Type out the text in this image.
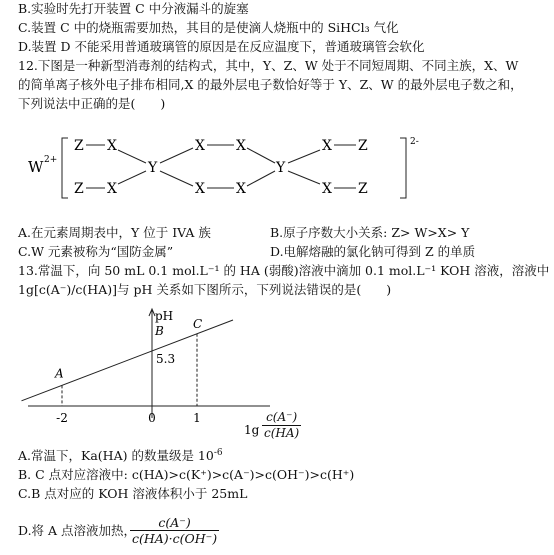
B.实验时先打开装置 C 中分液漏斗的旋塞
C.装置 C 中的烧瓶需要加热，其目的是使滴人烧瓶中的 SiHCl₃ 气化
D.装置 D 不能采用普通玻璃管的原因是在反应温度下，普通玻璃管会软化
12.下图是一种新型消毒剂的结构式，其中，Y、Z、W 处于不同短周期、不同主族，X、W
的简单离子核外电子排布相同,X 的最外层电子数恰好等于 Y、Z、W 的最外层电子数之和，
下列说法中正确的是(　　)
W 2+
2-
Z X
Z X
Y
X X
X X
Y
X Z
X Z
A.在元素周期表中，Y 位于 IVA 族	B.原子序数大小关系: Z> W>X> Y
C.W 元素被称为“国防金属”	D.电解熔融的氯化钠可得到 Z 的单质
13.常温下，向 50 mL 0.1 mol.L⁻¹ 的 HA (弱酸)溶液中滴加 0.1 mol.L⁻¹ KOH 溶液，溶液中
1g[c(A⁻)/c(HA)]与 pH 关系如下图所示，下列说法错误的是(　　)
pH
A
B
C
5.3
-2	0	1
$1g \frac{c(A^-)}{c(HA)}$
A.常温下，Ka(HA) 的数量级是 $10^{-6}$
B. C 点对应溶液中: c(HA)>c(K⁺)>c(A⁻)>c(OH⁻)>c(H⁺)
C.B 点对应的 KOH 溶液体积小于 25mL
D.将 A 点溶液加热，
$\frac{c(A^-)}{c(HA)\cdot c(OH^-)}$
